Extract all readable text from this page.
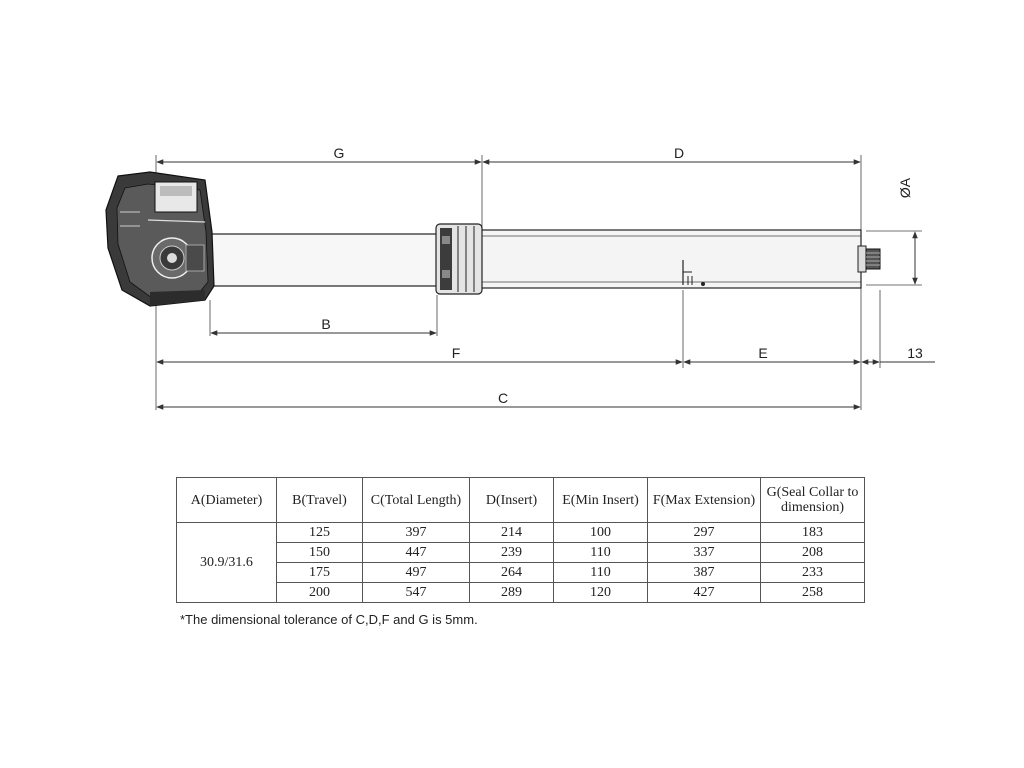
G	D
ØA
B
F	E	13
C
A(Diameter)	B(Travel)	C(Total Length)	D(Insert)	E(Min Insert)	F(Max Extension)	G(Seal Collar to dimension)
30.9/31.6	125	397	214	100	297	183
	150	447	239	110	337	208
	175	497	264	110	387	233
	200	547	289	120	427	258
*The dimensional tolerance of C,D,F and G is 5mm.
